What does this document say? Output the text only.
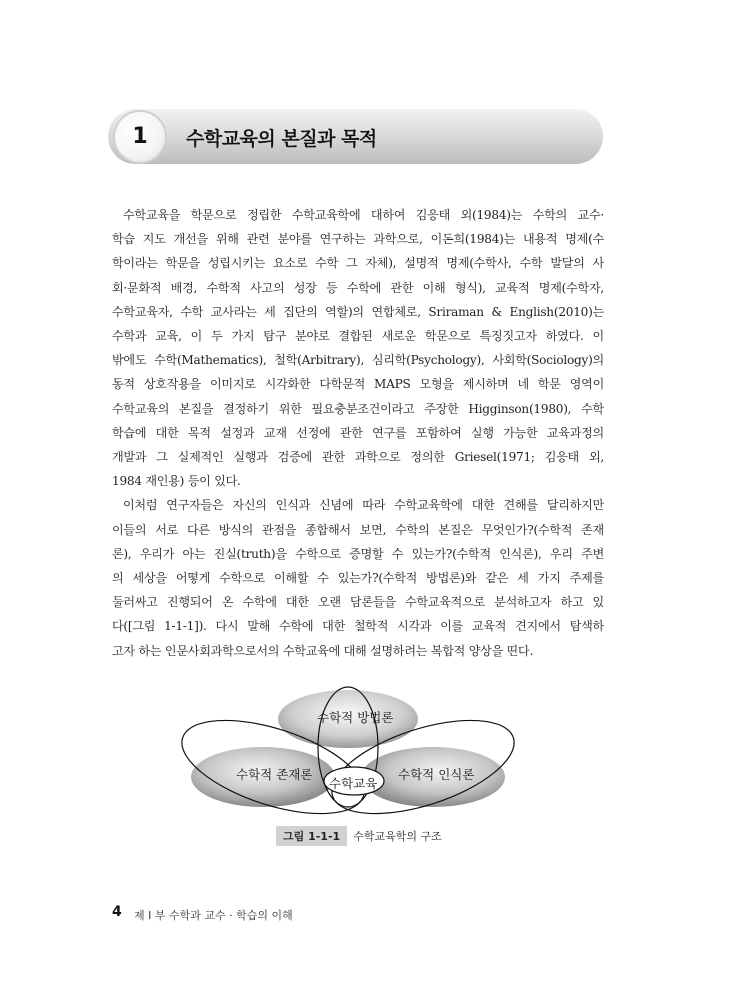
1	수학교육의 본질과 목적

수학교육을 학문으로 정립한 수학교육학에 대하여 김응태 외(1984)는 수학의 교수·

학습 지도 개선을 위해 관련 분야를 연구하는 과학으로, 이돈희(1984)는 내용적 명제(수

학이라는 학문을 성립시키는 요소로 수학 그 자체), 설명적 명제(수학사, 수학 발달의 사

회·문화적 배경, 수학적 사고의 성장 등 수학에 관한 이해 형식), 교육적 명제(수학자,

수학교육자, 수학 교사라는 세 집단의 역할)의 연합체로, Sriraman & English(2010)는

수학과 교육, 이 두 가지 탐구 분야로 결합된 새로운 학문으로 특징짓고자 하였다. 이

밖에도 수학(Mathematics), 철학(Arbitrary), 심리학(Psychology), 사회학(Sociology)의

동적 상호작용을 이미지로 시각화한 다학문적 MAPS 모형을 제시하며 네 학문 영역이

수학교육의 본질을 결정하기 위한 필요충분조건이라고 주장한 Higginson(1980), 수학

학습에 대한 목적 설정과 교재 선정에 관한 연구를 포함하여 실행 가능한 교육과정의

개발과 그 실제적인 실행과 검증에 관한 과학으로 정의한 Griesel(1971; 김응태 외,

1984 재인용) 등이 있다.

이처럼 연구자들은 자신의 인식과 신념에 따라 수학교육학에 대한 견해를 달리하지만

이들의 서로 다른 방식의 관점을 종합해서 보면, 수학의 본질은 무엇인가?(수학적 존재

론), 우리가 아는 진실(truth)을 수학으로 증명할 수 있는가?(수학적 인식론), 우리 주변

의 세상을 어떻게 수학으로 이해할 수 있는가?(수학적 방법론)와 같은 세 가지 주제를

둘러싸고 진행되어 온 수학에 대한 오랜 담론들을 수학교육적으로 분석하고자 하고 있

다([그림 1-1-1]). 다시 말해 수학에 대한 철학적 시각과 이를 교육적 견지에서 탐색하

고자 하는 인문사회과학으로서의 수학교육에 대해 설명하려는 복합적 양상을 띤다.

수학적 방법론
수학적 존재론	수학적 인식론
수학교육
그림 1-1-1 수학교육학의 구조
4 제 I 부 수학과 교수 · 학습의 이해
